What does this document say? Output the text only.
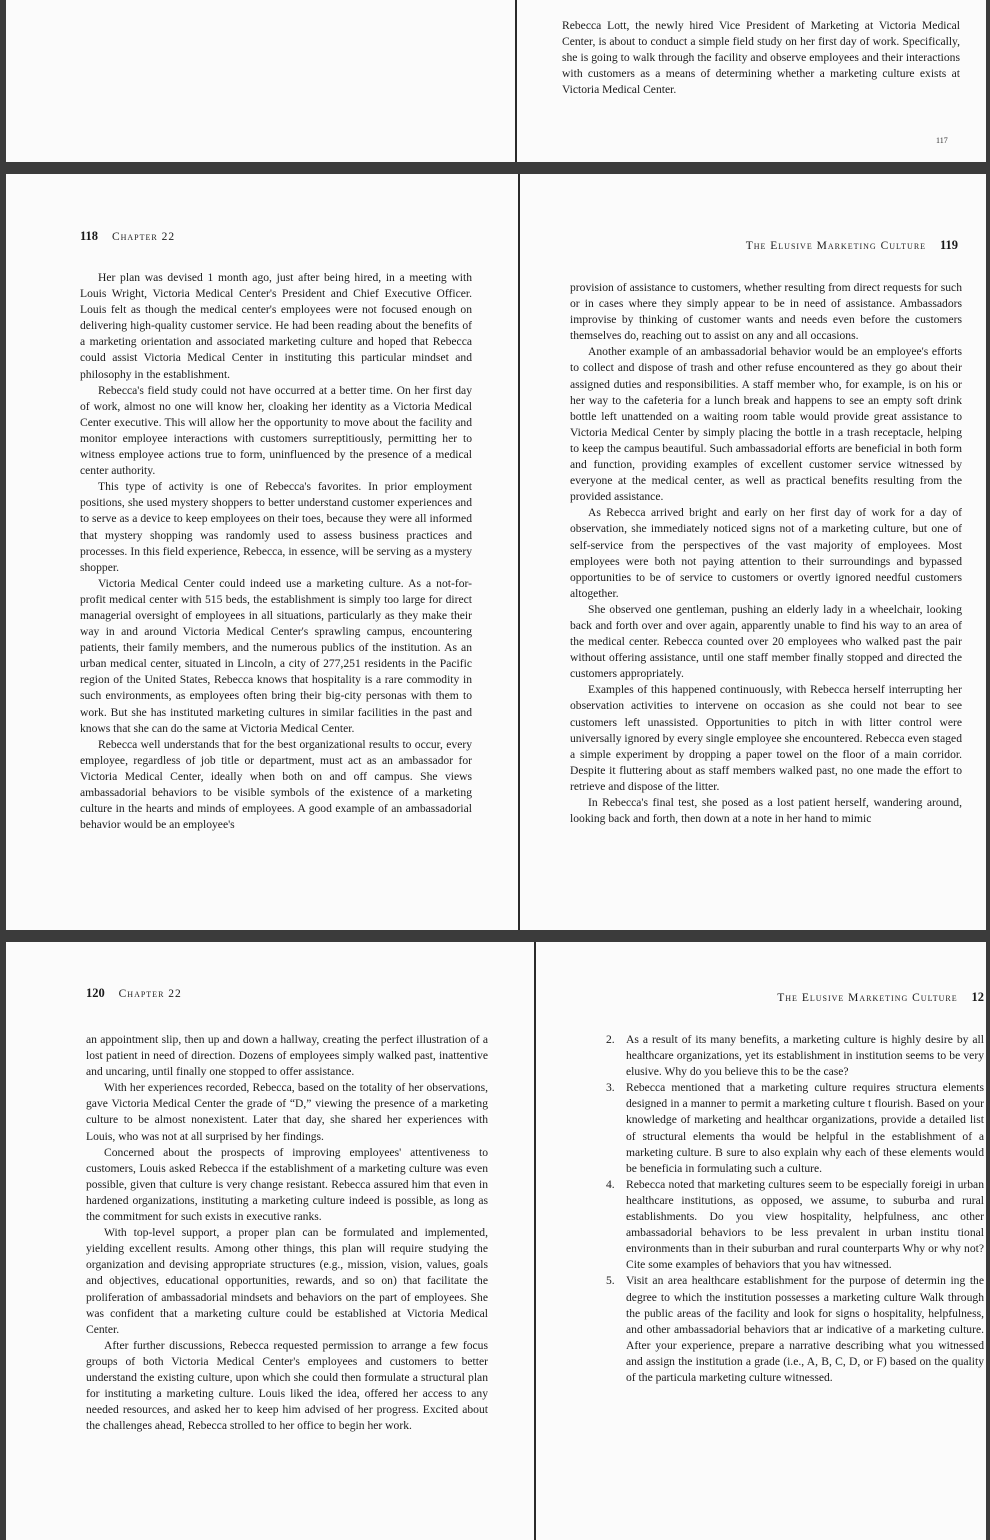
Rebecca Lott, the newly hired Vice President of Marketing at Victoria Medical Center, is about to conduct a simple field study on her first day of work. Specifically, she is going to walk through the facility and observe employees and their interactions with customers as a means of determining whether a marketing culture exists at Victoria Medical Center.

117
118 Chapter 22
The Elusive Marketing Culture 119

Her plan was devised 1 month ago, just after being hired, in a meeting with Louis Wright, Victoria Medical Center's President and Chief Executive Officer. Louis felt as though the medical center's employees were not focused enough on delivering high-quality customer service. He had been reading about the benefits of a marketing orientation and associated marketing culture and hoped that Rebecca could assist Victoria Medical Center in instituting this particular mindset and philosophy in the establishment.

Rebecca's field study could not have occurred at a better time. On her first day of work, almost no one will know her, cloaking her identity as a Victoria Medical Center executive. This will allow her the opportunity to move about the facility and monitor employee interactions with customers surreptitiously, permitting her to witness employee actions true to form, uninfluenced by the presence of a medical center authority.

This type of activity is one of Rebecca's favorites. In prior employment positions, she used mystery shoppers to better understand customer experiences and to serve as a device to keep employees on their toes, because they were all informed that mystery shopping was randomly used to assess business practices and processes. In this field experience, Rebecca, in essence, will be serving as a mystery shopper.

Victoria Medical Center could indeed use a marketing culture. As a not-for-profit medical center with 515 beds, the establishment is simply too large for direct managerial oversight of employees in all situations, particularly as they make their way in and around Victoria Medical Center's sprawling campus, encountering patients, their family members, and the numerous publics of the institution. As an urban medical center, situated in Lincoln, a city of 277,251 residents in the Pacific region of the United States, Rebecca knows that hospitality is a rare commodity in such environments, as employees often bring their big-city personas with them to work. But she has instituted marketing cultures in similar facilities in the past and knows that she can do the same at Victoria Medical Center.

Rebecca well understands that for the best organizational results to occur, every employee, regardless of job title or department, must act as an ambassador for Victoria Medical Center, ideally when both on and off campus. She views ambassadorial behaviors to be visible symbols of the existence of a marketing culture in the hearts and minds of employees. A good example of an ambassadorial behavior would be an employee's

provision of assistance to customers, whether resulting from direct requests for such or in cases where they simply appear to be in need of assistance. Ambassadors improvise by thinking of customer wants and needs even before the customers themselves do, reaching out to assist on any and all occasions.

Another example of an ambassadorial behavior would be an employee's efforts to collect and dispose of trash and other refuse encountered as they go about their assigned duties and responsibilities. A staff member who, for example, is on his or her way to the cafeteria for a lunch break and happens to see an empty soft drink bottle left unattended on a waiting room table would provide great assistance to Victoria Medical Center by simply placing the bottle in a trash receptacle, helping to keep the campus beautiful. Such ambassadorial efforts are beneficial in both form and function, providing examples of excellent customer service witnessed by everyone at the medical center, as well as practical benefits resulting from the provided assistance.

As Rebecca arrived bright and early on her first day of work for a day of observation, she immediately noticed signs not of a marketing culture, but one of self-service from the perspectives of the vast majority of employees. Most employees were both not paying attention to their surroundings and bypassed opportunities to be of service to customers or overtly ignored needful customers altogether.

She observed one gentleman, pushing an elderly lady in a wheelchair, looking back and forth over and over again, apparently unable to find his way to an area of the medical center. Rebecca counted over 20 employees who walked past the pair without offering assistance, until one staff member finally stopped and directed the customers appropriately.

Examples of this happened continuously, with Rebecca herself interrupting her observation activities to intervene on occasion as she could not bear to see customers left unassisted. Opportunities to pitch in with litter control were universally ignored by every single employee she encountered. Rebecca even staged a simple experiment by dropping a paper towel on the floor of a main corridor. Despite it fluttering about as staff members walked past, no one made the effort to retrieve and dispose of the litter.

In Rebecca's final test, she posed as a lost patient herself, wandering around, looking back and forth, then down at a note in her hand to mimic

120 Chapter 22	The Elusive Marketing Culture 12

an appointment slip, then up and down a hallway, creating the perfect illustration of a lost patient in need of direction. Dozens of employees simply walked past, inattentive and uncaring, until finally one stopped to offer assistance.

With her experiences recorded, Rebecca, based on the totality of her observations, gave Victoria Medical Center the grade of “D,” viewing the presence of a marketing culture to be almost nonexistent. Later that day, she shared her experiences with Louis, who was not at all surprised by her findings.

Concerned about the prospects of improving employees' attentiveness to customers, Louis asked Rebecca if the establishment of a marketing culture was even possible, given that culture is very change resistant. Rebecca assured him that even in hardened organizations, instituting a marketing culture indeed is possible, as long as the commitment for such exists in executive ranks.

With top-level support, a proper plan can be formulated and implemented, yielding excellent results. Among other things, this plan will require studying the organization and devising appropriate structures (e.g., mission, vision, values, goals and objectives, educational opportunities, rewards, and so on) that facilitate the proliferation of ambassadorial mindsets and behaviors on the part of employees. She was confident that a marketing culture could be established at Victoria Medical Center.

After further discussions, Rebecca requested permission to arrange a few focus groups of both Victoria Medical Center's employees and customers to better understand the existing culture, upon which she could then formulate a structural plan for instituting a marketing culture. Louis liked the idea, offered her access to any needed resources, and asked her to keep him advised of her progress. Excited about the challenges ahead, Rebecca strolled to her office to begin her work.

2. As a result of its many benefits, a marketing culture is highly desire by all healthcare organizations, yet its establishment in institution seems to be very elusive. Why do you believe this to be the case?
3. Rebecca mentioned that a marketing culture requires structura elements designed in a manner to permit a marketing culture t flourish. Based on your knowledge of marketing and healthcar organizations, provide a detailed list of structural elements tha would be helpful in the establishment of a marketing culture. B sure to also explain why each of these elements would be beneficia in formulating such a culture.
4. Rebecca noted that marketing cultures seem to be especially foreigi in urban healthcare institutions, as opposed, we assume, to suburba and rural establishments. Do you view hospitality, helpfulness, anc other ambassadorial behaviors to be less prevalent in urban institu tional environments than in their suburban and rural counterparts Why or why not? Cite some examples of behaviors that you hav witnessed.
5. Visit an area healthcare establishment for the purpose of determin ing the degree to which the institution possesses a marketing culture Walk through the public areas of the facility and look for signs o hospitality, helpfulness, and other ambassadorial behaviors that ar indicative of a marketing culture. After your experience, prepare a narrative describing what you witnessed and assign the institution a grade (i.e., A, B, C, D, or F) based on the quality of the particula marketing culture witnessed.
